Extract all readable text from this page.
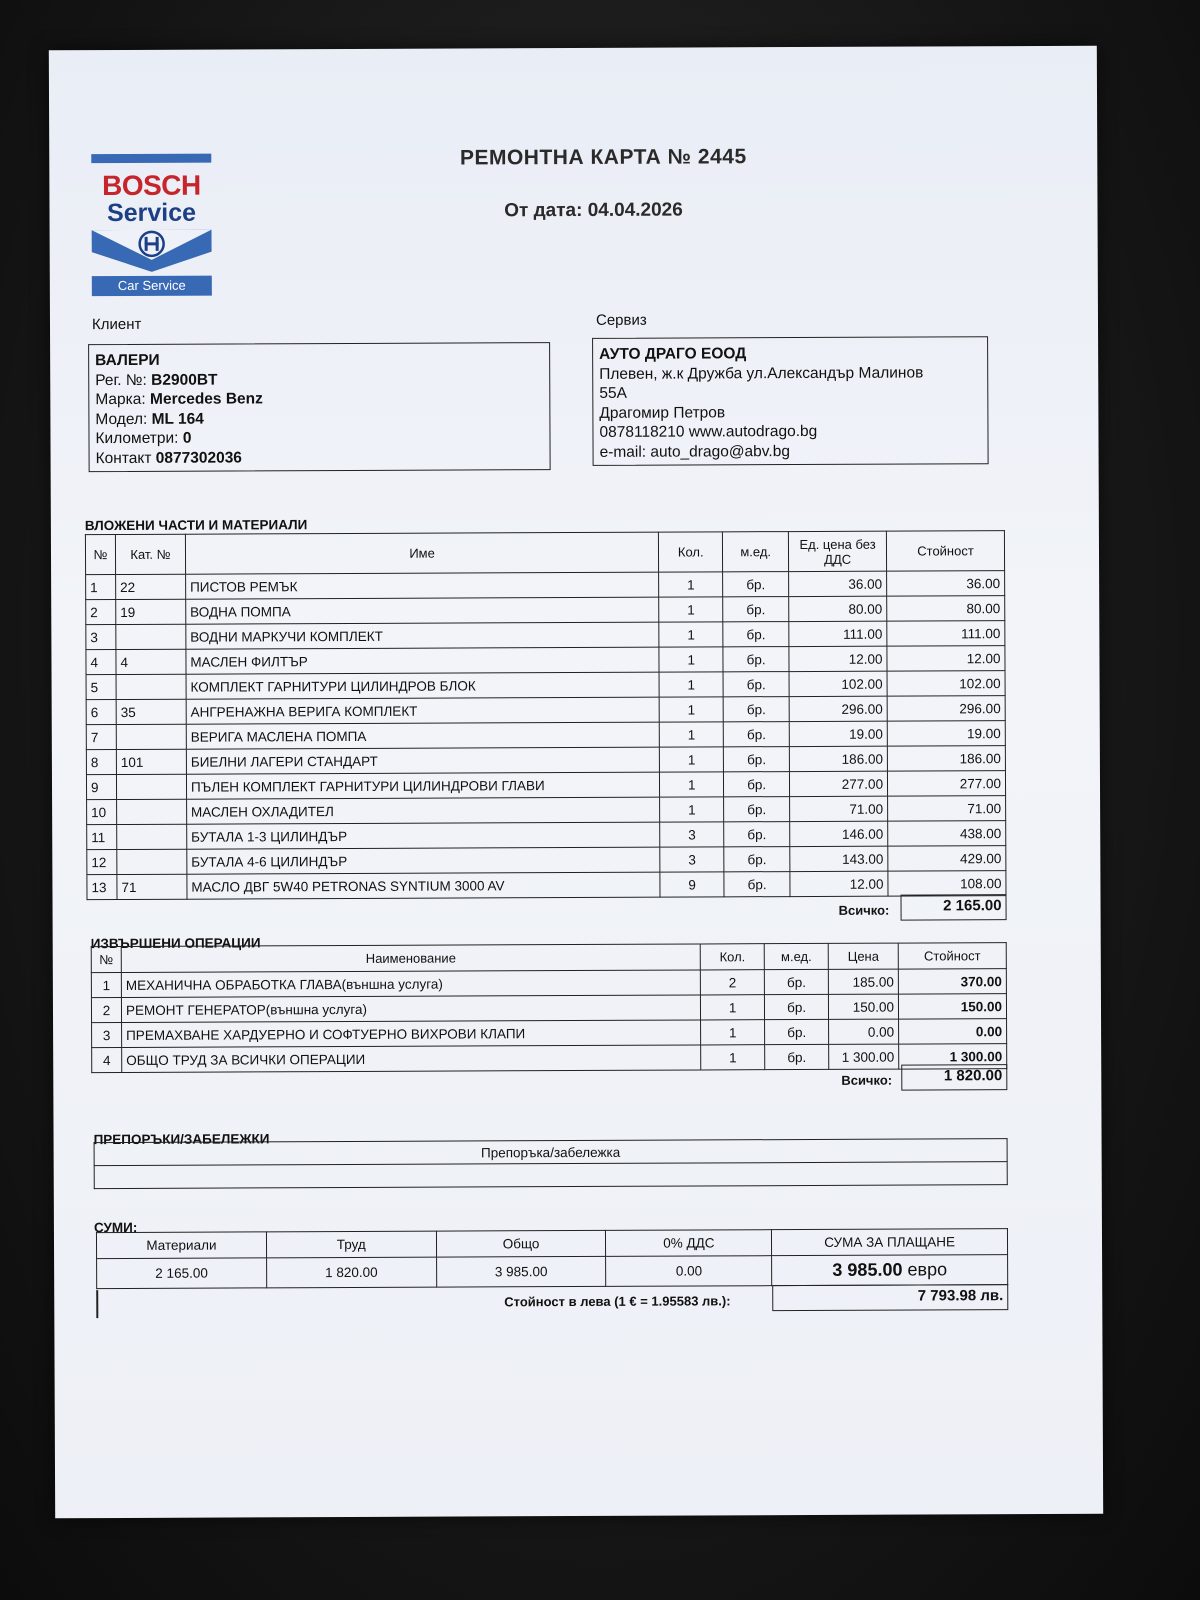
BOSCH
Service
Car Service
РЕМОНТНА КАРТА № 2445
От дата: 04.04.2026
Клиент	Сервиз
ВАЛЕРИ
Рег. №: B2900BT
Марка: Mercedes Benz
Модел: ML 164
Километри: 0
Контакт 0877302036
АУТО ДРАГО ЕООД
Плевен, ж.к Дружба ул.Александър Малинов
55А
Драгомир Петров
0878118210 www.autodrago.bg
e-mail: auto_drago@abv.bg
ВЛОЖЕНИ ЧАСТИ И МАТЕРИАЛИ
№	Кат. №	Име	Кол.	м.ед.	Ед. цена без ДДС	Стойност
1	22	ПИСТОВ РЕМЪК	1	бр.	36.00	36.00
2	19	ВОДНА ПОМПА	1	бр.	80.00	80.00
3		ВОДНИ МАРКУЧИ КОМПЛЕКТ	1	бр.	111.00	111.00
4	4	МАСЛЕН ФИЛТЪР	1	бр.	12.00	12.00
5		КОМПЛЕКТ ГАРНИТУРИ ЦИЛИНДРОВ БЛОК	1	бр.	102.00	102.00
6	35	АНГРЕНАЖНА ВЕРИГА КОМПЛЕКТ	1	бр.	296.00	296.00
7		ВЕРИГА МАСЛЕНА ПОМПА	1	бр.	19.00	19.00
8	101	БИЕЛНИ ЛАГЕРИ СТАНДАРТ	1	бр.	186.00	186.00
9		ПЪЛЕН КОМПЛЕКТ ГАРНИТУРИ ЦИЛИНДРОВИ ГЛАВИ	1	бр.	277.00	277.00
10		МАСЛЕН ОХЛАДИТЕЛ	1	бр.	71.00	71.00
11		БУТАЛА 1-3 ЦИЛИНДЪР	3	бр.	146.00	438.00
12		БУТАЛА 4-6 ЦИЛИНДЪР	3	бр.	143.00	429.00
13	71	МАСЛО ДВГ 5W40 PETRONAS SYNTIUM 3000 AV	9	бр.	12.00	108.00
Всичко:	2 165.00
ИЗВЪРШЕНИ ОПЕРАЦИИ
№	Наименование	Кол.	м.ед.	Цена	Стойност
1	МЕХАНИЧНА ОБРАБОТКА ГЛАВА(външна услуга)	2	бр.	185.00	370.00
2	РЕМОНТ ГЕНЕРАТОР(външна услуга)	1	бр.	150.00	150.00
3	ПРЕМАХВАНЕ ХАРДУЕРНО И СОФТУЕРНО ВИХРОВИ КЛАПИ	1	бр.	0.00	0.00
4	ОБЩО ТРУД ЗА ВСИЧКИ ОПЕРАЦИИ	1	бр.	1 300.00	1 300.00
Всичко:	1 820.00
ПРЕПОРЪКИ/ЗАБЕЛЕЖКИ
Препоръка/забележка

СУМИ:
Материали	Труд	Общо	0% ДДС	СУМА ЗА ПЛАЩАНЕ
2 165.00	1 820.00	3 985.00	0.00	3 985.00 евро
Стойност в лева (1 € = 1.95583 лв.):	7 793.98 лв.
